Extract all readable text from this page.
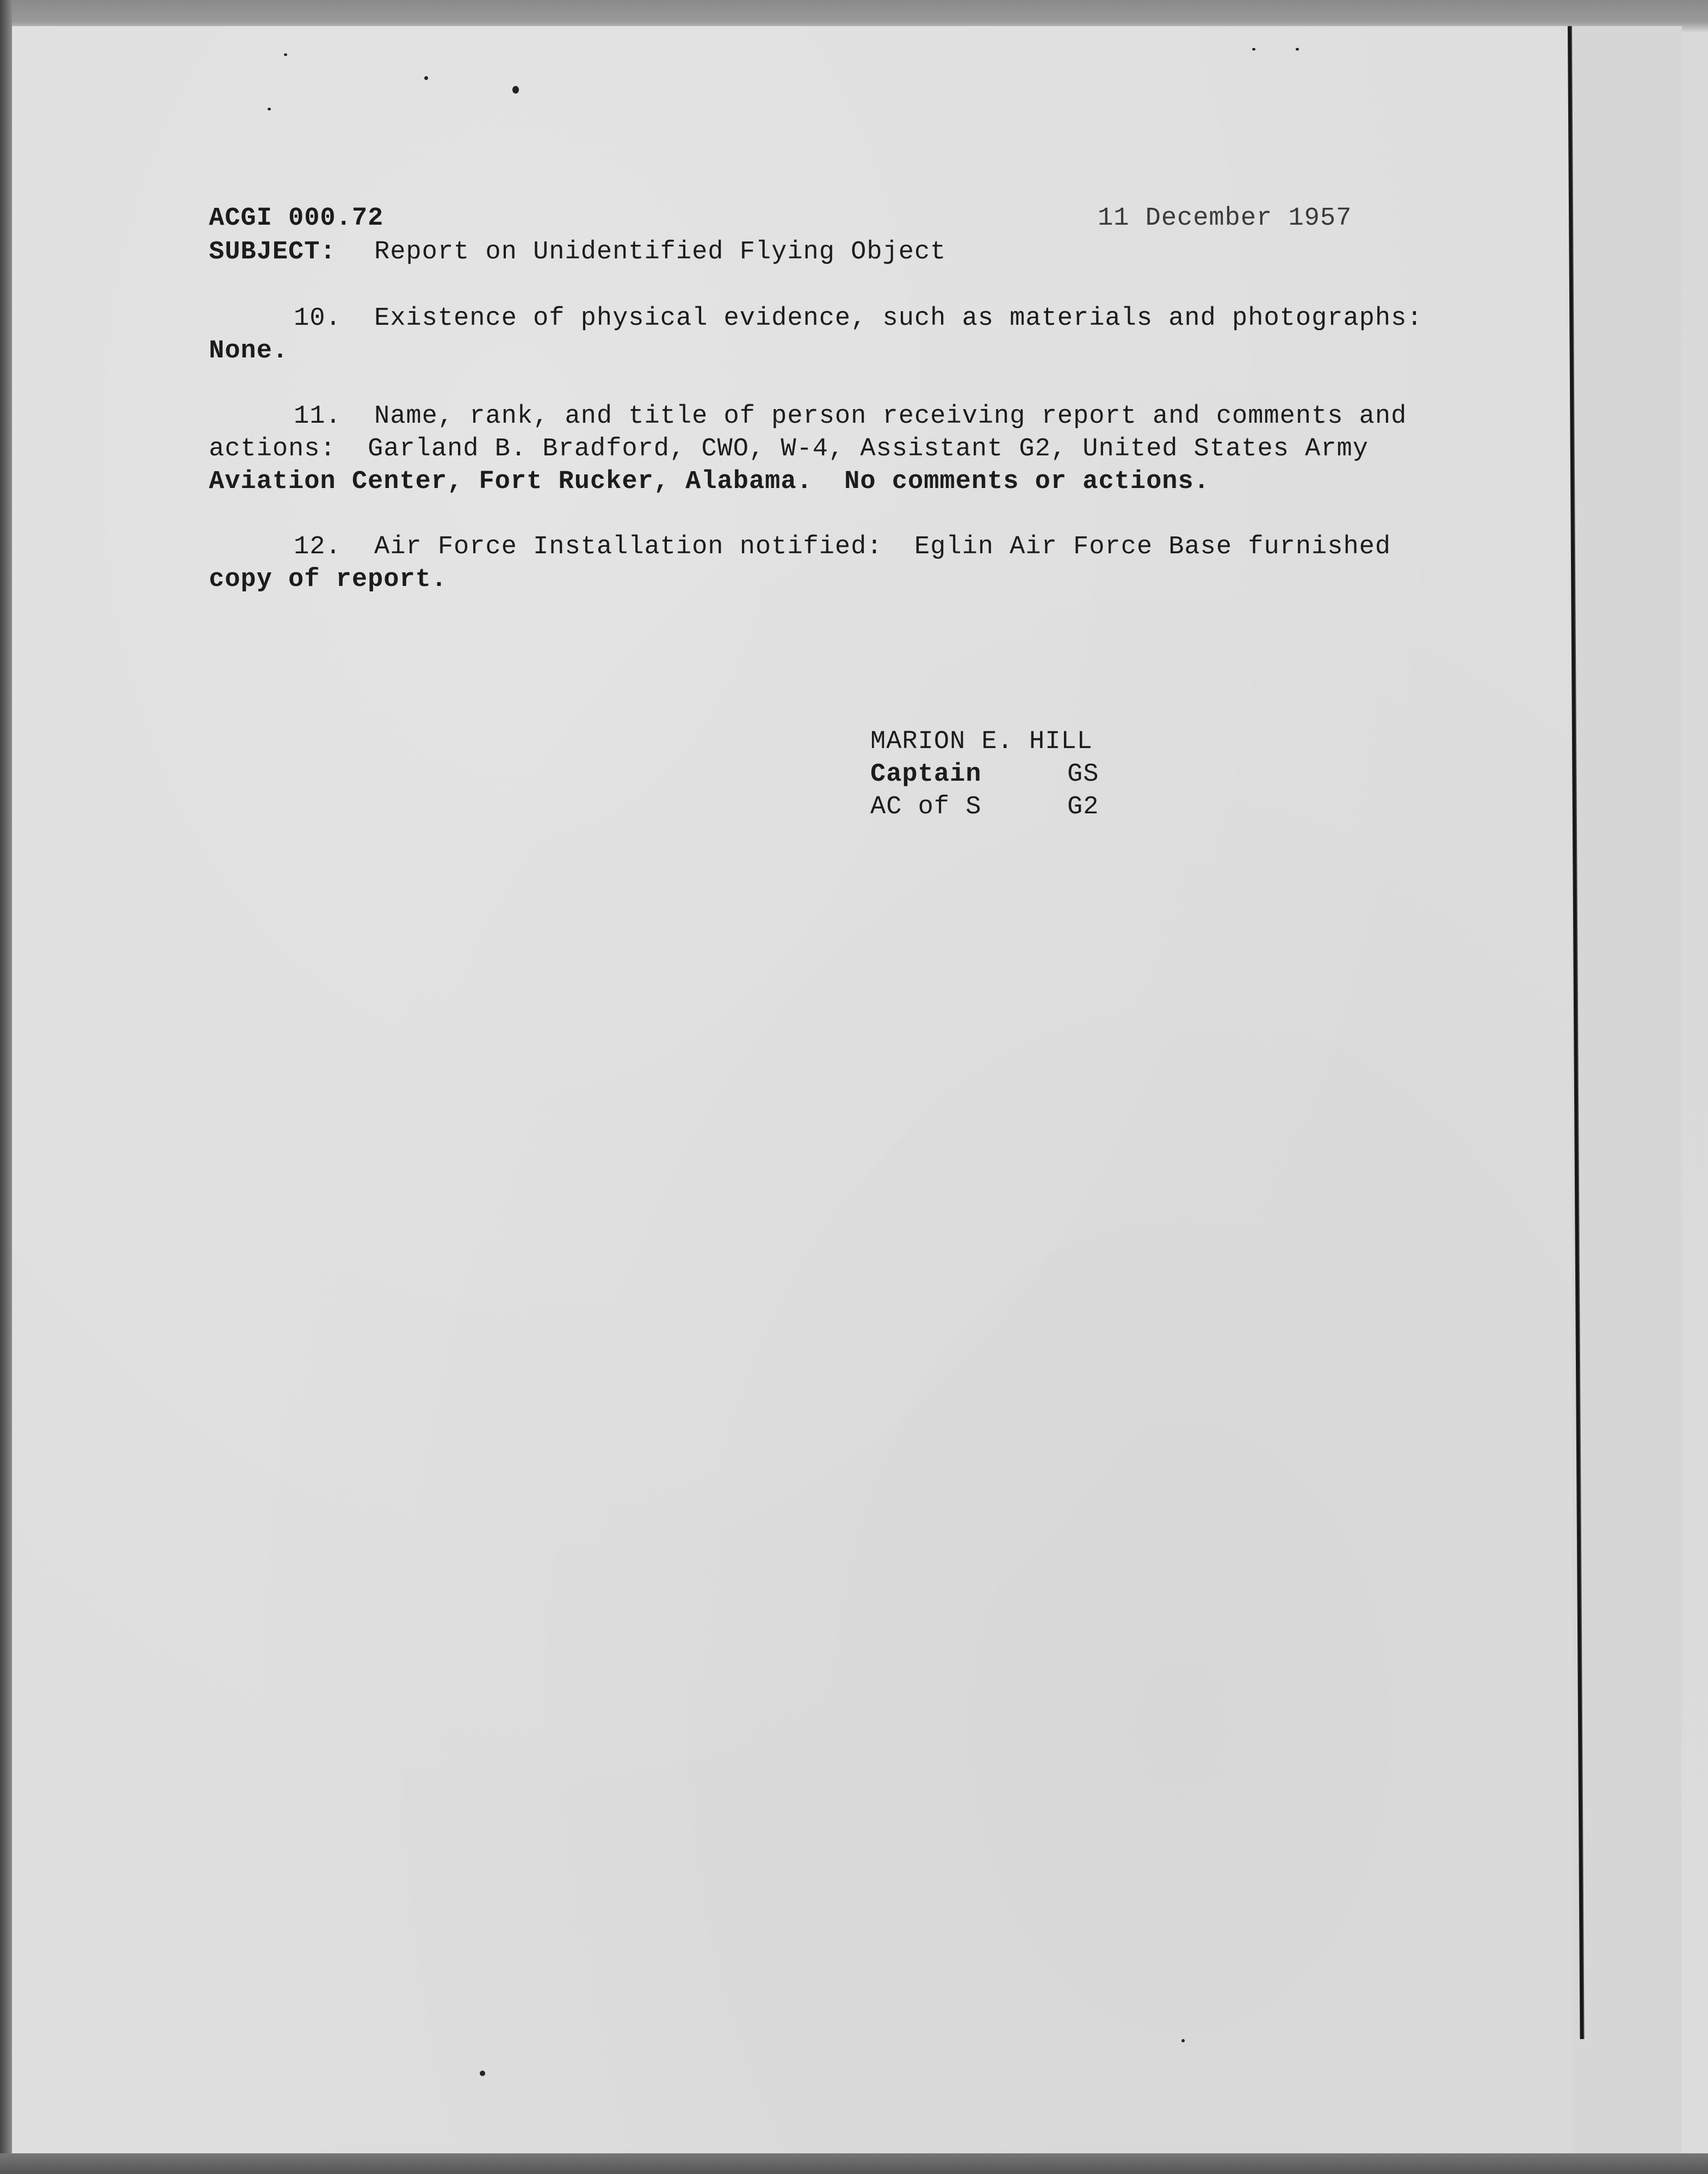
ACGI 000.72	11 December 1957
SUBJECT: Report on Unidentified Flying Object
10. Existence of physical evidence, such as materials and photographs:
None.
11. Name, rank, and title of person receiving report and comments and
actions:  Garland B. Bradford, CWO, W-4, Assistant G2, United States Army
Aviation Center, Fort Rucker, Alabama.  No comments or actions.
12. Air Force Installation notified:  Eglin Air Force Base furnished
copy of report.
MARION E. HILL
Captain	GS
AC of S	G2
